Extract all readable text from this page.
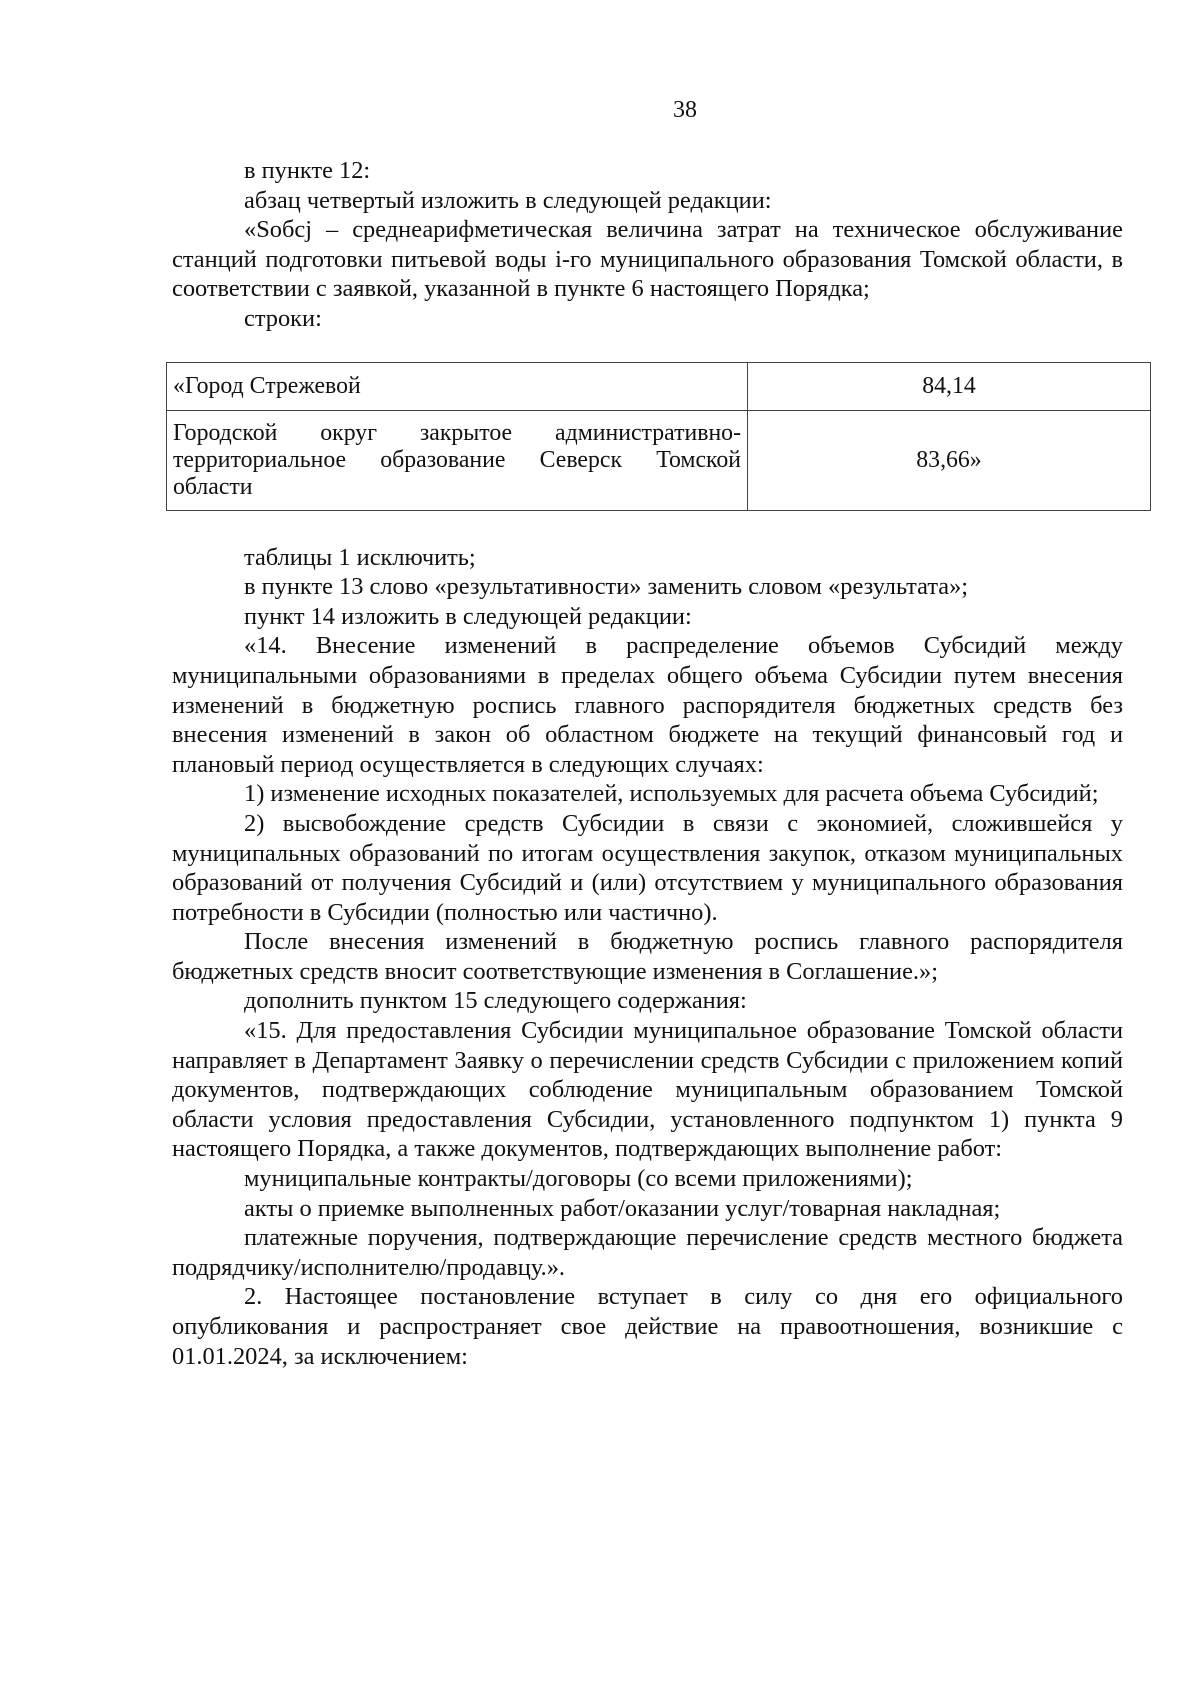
38

в пункте 12:

абзац четвертый изложить в следующей редакции:

«Sобсj – среднеарифметическая величина затрат на техническое обслуживание станций подготовки питьевой воды i-го муниципального образования Томской области, в соответствии с заявкой, указанной в пункте 6 настоящего Порядка;

строки:

«Город Стрежевой	84,14
Городской округ закрытое административно-территориальное образование Северск Томской области	83,66»

таблицы 1 исключить;

в пункте 13 слово «результативности» заменить словом «результата»;

пункт 14 изложить в следующей редакции:

«14. Внесение изменений в распределение объемов Субсидий между муниципальными образованиями в пределах общего объема Субсидии путем внесения изменений в бюджетную роспись главного распорядителя бюджетных средств без внесения изменений в закон об областном бюджете на текущий финансовый год и плановый период осуществляется в следующих случаях:

1) изменение исходных показателей, используемых для расчета объема Субсидий;

2) высвобождение средств Субсидии в связи с экономией, сложившейся у муниципальных образований по итогам осуществления закупок, отказом муниципальных образований от получения Субсидий и (или) отсутствием у муниципального образования потребности в Субсидии (полностью или частично).

После внесения изменений в бюджетную роспись главного распорядителя бюджетных средств вносит соответствующие изменения в Соглашение.»;

дополнить пунктом 15 следующего содержания:

«15. Для предоставления Субсидии муниципальное образование Томской области направляет в Департамент Заявку о перечислении средств Субсидии с приложением копий документов, подтверждающих соблюдение муниципальным образованием Томской области условия предоставления Субсидии, установленного подпунктом 1) пункта 9 настоящего Порядка, а также документов, подтверждающих выполнение работ:

муниципальные контракты/договоры (со всеми приложениями);

акты о приемке выполненных работ/оказании услуг/товарная накладная;

платежные поручения, подтверждающие перечисление средств местного бюджета подрядчику/исполнителю/продавцу.».

2. Настоящее постановление вступает в силу со дня его официального опубликования и распространяет свое действие на правоотношения, возникшие с 01.01.2024, за исключением:
